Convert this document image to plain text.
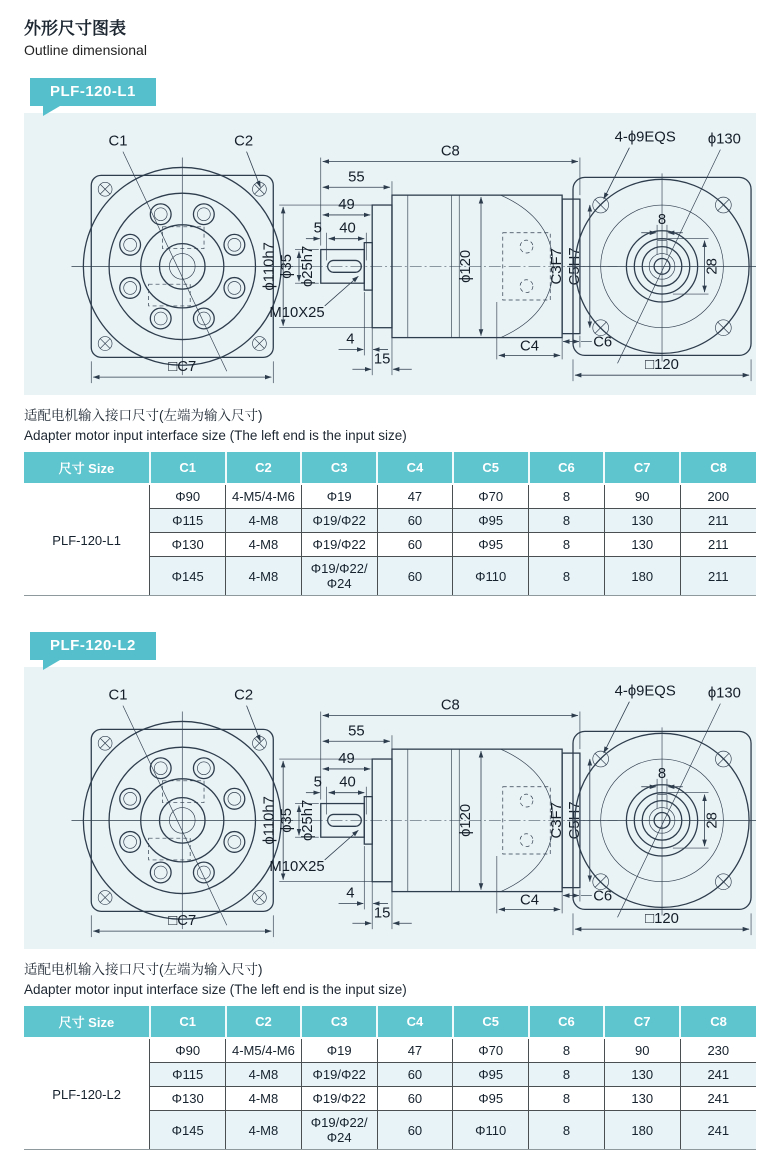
外形尺寸图表
Outline dimensional
PLF-120-L1
C1	C2
□C7
C8
55
49
5 40
ϕ35 ϕ25h7
ϕ110h7
M10X25
ϕ120	C3F7 C5H7
4
15
C4	C6
8
28
4-ϕ9EQS ϕ130
□120
适配电机输入接口尺寸(左端为输入尺寸)
Adapter motor input interface size (The left end is the input size)
尺寸 Size	C1	C2	C3	C4	C5	C6	C7	C8
PLF-120-L1	Φ90	4-M5/4-M6	Φ19	47	Φ70	8	90	200
	Φ115	4-M8	Φ19/Φ22	60	Φ95	8	130	211
	Φ130	4-M8	Φ19/Φ22	60	Φ95	8	130	211
	Φ145	4-M8	Φ19/Φ22/Φ24	60	Φ110	8	180	211
PLF-120-L2
C1	C2
□C7
C8
55
49
5 40
ϕ35 ϕ25h7
ϕ110h7
M10X25
ϕ120	C3F7 C5H7
4
15
C4	C6
8
28
4-ϕ9EQS ϕ130
□120
适配电机输入接口尺寸(左端为输入尺寸)
Adapter motor input interface size (The left end is the input size)
尺寸 Size	C1	C2	C3	C4	C5	C6	C7	C8
PLF-120-L2	Φ90	4-M5/4-M6	Φ19	47	Φ70	8	90	230
	Φ115	4-M8	Φ19/Φ22	60	Φ95	8	130	241
	Φ130	4-M8	Φ19/Φ22	60	Φ95	8	130	241
	Φ145	4-M8	Φ19/Φ22/Φ24	60	Φ110	8	180	241
